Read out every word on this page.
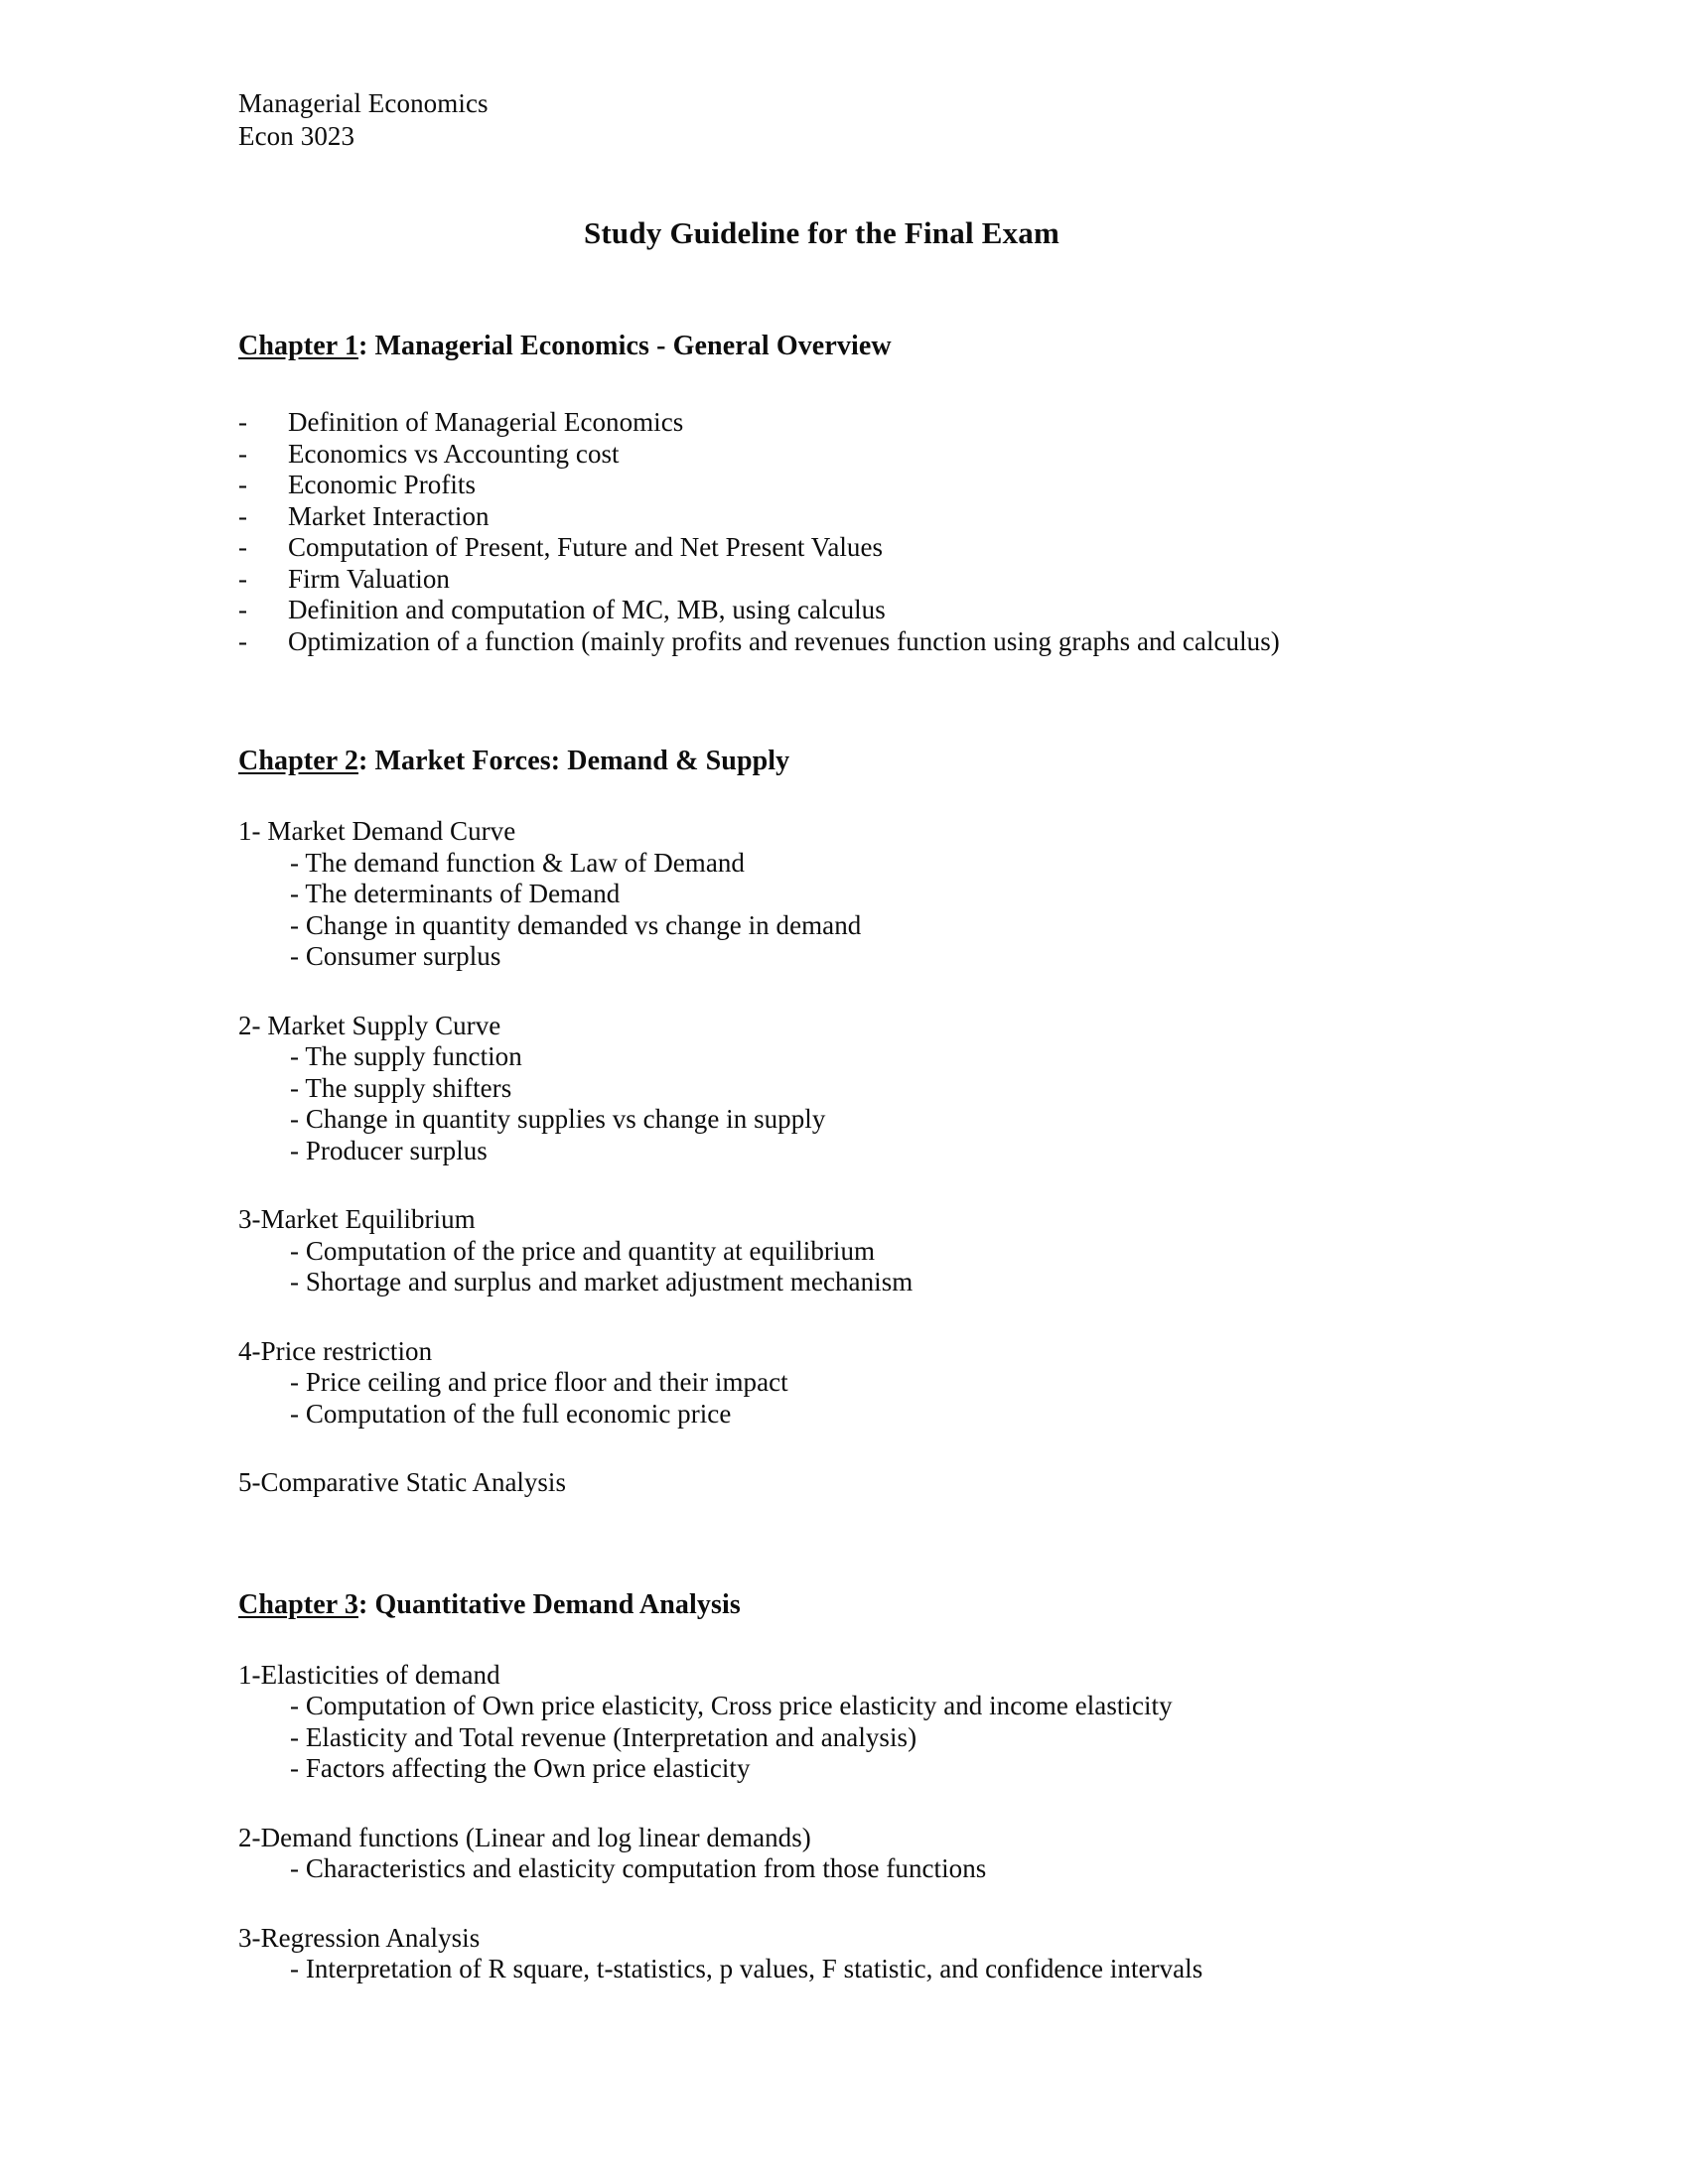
Managerial Economics
Econ 3023
Study Guideline for the Final Exam
Chapter 1: Managerial Economics - General Overview
- Definition of Managerial Economics
- Economics vs Accounting cost
- Economic Profits
- Market Interaction
- Computation of Present, Future and Net Present Values
- Firm Valuation
- Definition and computation of MC, MB, using calculus
- Optimization of a function (mainly profits and revenues function using graphs and calculus)
Chapter 2: Market Forces: Demand & Supply
1- Market Demand Curve
- The demand function & Law of Demand
- The determinants of Demand
- Change in quantity demanded vs change in demand
- Consumer surplus
2- Market Supply Curve
- The supply function
- The supply shifters
- Change in quantity supplies vs change in supply
- Producer surplus
3-Market Equilibrium
- Computation of the price and quantity at equilibrium
- Shortage and surplus and market adjustment mechanism
4-Price restriction
- Price ceiling and price floor and their impact
- Computation of the full economic price
5-Comparative Static Analysis
Chapter 3: Quantitative Demand Analysis
1-Elasticities of demand
- Computation of Own price elasticity, Cross price elasticity and income elasticity
- Elasticity and Total revenue (Interpretation and analysis)
- Factors affecting the Own price elasticity
2-Demand functions (Linear and log linear demands)
- Characteristics and elasticity computation from those functions
3-Regression Analysis
- Interpretation of R square, t-statistics, p values, F statistic, and confidence intervals
